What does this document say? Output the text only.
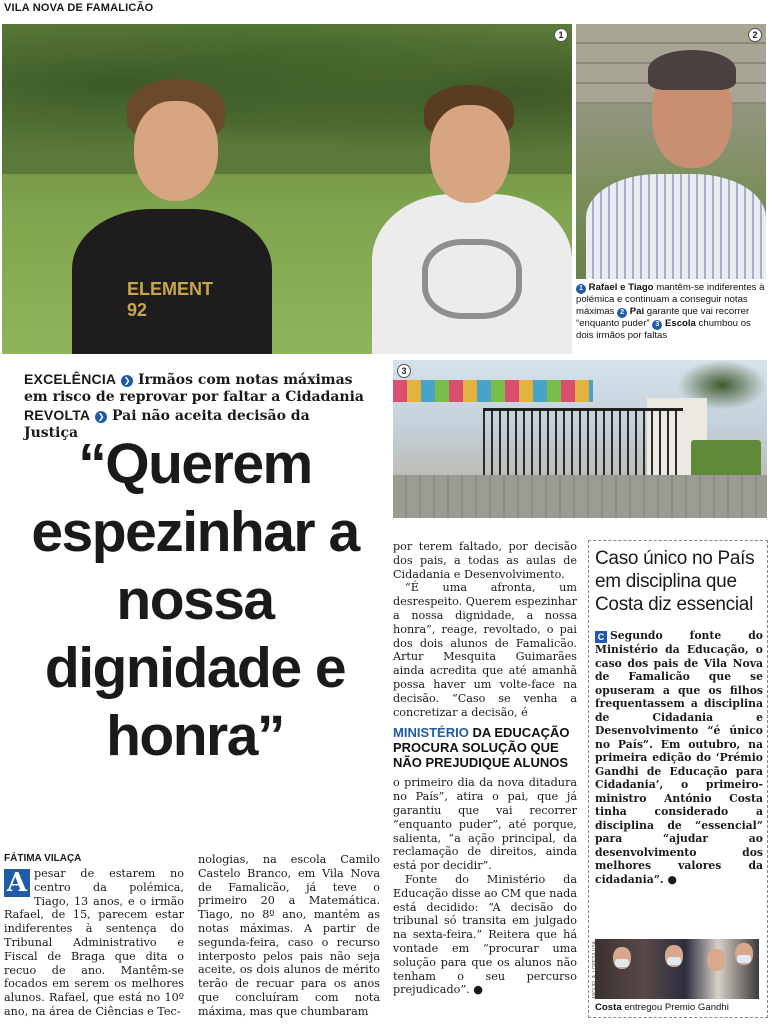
VILA NOVA DE FAMALICÃO
ELEMENT 92
1	2
1 Rafael e Tiago mantêm-se indiferentes à polémica e continuam a conseguir notas máximas 2 Pai garante que vai recorrer “enquanto puder” 3 Escola chumbou os dois irmãos por faltas
3
EXCELÊNCIA ❯ Irmãos com notas máximas em risco de reprovar por faltar a Cidadania
REVOLTA ❯ Pai não aceita decisão da Justiça “Querem espezinhar a nossa dignidade e honra”
FÁTIMA VILAÇA
A pesar de estarem no centro da polémica, Tiago, 13 anos, e o irmão Rafael, de 15, parecem estar indiferentes à sentença do Tribunal Administrativo e Fiscal de Braga que dita o recuo de ano. Mantêm-se focados em serem os melhores alunos. Rafael, que está no 10º ano, na área de Ciências e Tec-
nologias, na escola Camilo Castelo Branco, em Vila Nova de Famalicão, já teve o primeiro 20 a Matemática. Tiago, no 8º ano, mantém as notas máximas. A partir de segunda-feira, caso o recurso interposto pelos pais não seja aceite, os dois alunos de mérito terão de recuar para os anos que concluíram com nota máxima, mas que chumbaram

por terem faltado, por decisão dos pais, a todas as aulas de Cidadania e Desenvolvimento.

“É uma afronta, um desrespeito. Querem espezinhar a nossa dignidade, a nossa honra”, reage, revoltado, o pai dos dois alunos de Famalicão. Artur Mesquita Guimarães ainda acredita que até amanhã possa haver um volte-face na decisão. “Caso se venha a concretizar a decisão, é

MINISTÉRIO DA EDUCAÇÃO PROCURA SOLUÇÃO QUE NÃO PREJUDIQUE ALUNOS

o primeiro dia da nova ditadura no País”, atira o pai, que já garantiu que vai recorrer “enquanto puder”, até porque, salienta, “a ação principal, da reclamação de direitos, ainda está por decidir”.

Fonte do Ministério da Educação disse ao CM que nada está decidido: “A decisão do tribunal só transita em julgado na sexta-feira.” Reitera que há vontade em “procurar uma solução para que os alunos não tenham o seu percurso prejudicado”. ●

Caso único no País em disciplina que Costa diz essencial
C Segundo fonte do Ministério da Educação, o caso dos pais de Vila Nova de Famalicão que se opuseram a que os filhos frequentassem a disciplina de Cidadania e Desenvolvimento “é único no País”. Em outubro, na primeira edição do ‘Prémio Gandhi de Educação para Cidadania’, o primeiro-ministro António Costa tinha considerado a disciplina de “essencial” para “ajudar ao desenvolvimento dos melhores valores da cidadania”. ●
Costa entregou Premio Gandhi
